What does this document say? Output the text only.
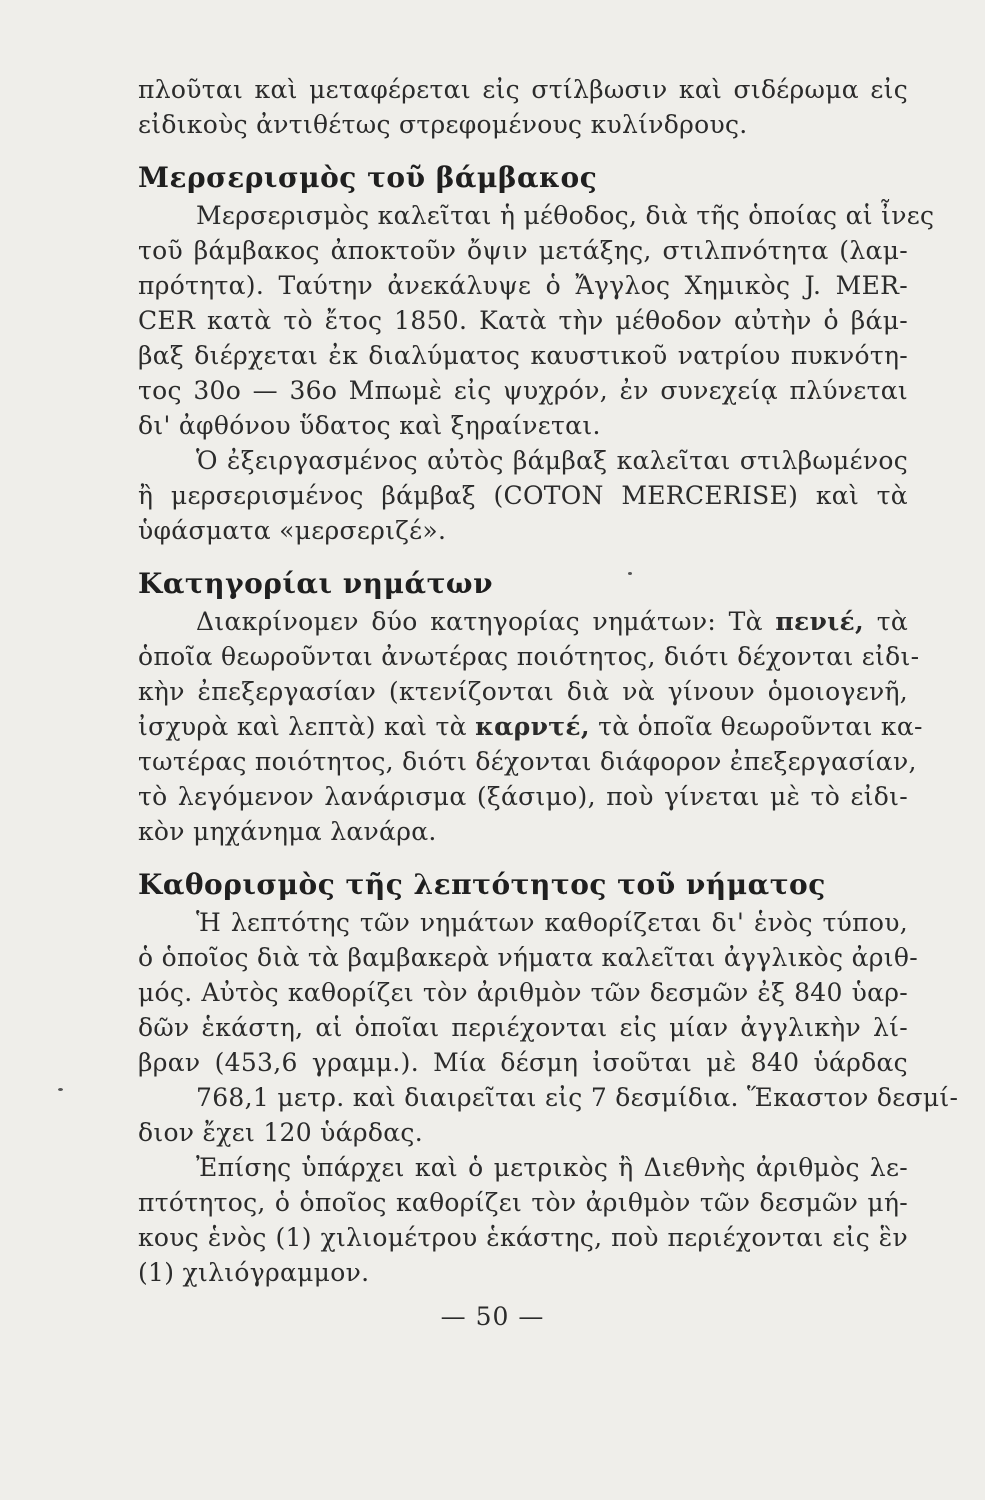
πλοῦται καὶ μεταφέρεται εἰς στίλβωσιν καὶ σιδέρωμα εἰς
εἰδικοὺς ἀντιθέτως στρεφομένους κυλίνδρους.
Μερσερισμὸς τοῦ βάμβακος
Μερσερισμὸς καλεῖται ἡ μέθοδος, διὰ τῆς ὁποίας αἱ ἶνες
τοῦ βάμβακος ἀποκτοῦν ὄψιν μετάξης, στιλπνότητα (λαμ-
πρότητα). Ταύτην ἀνεκάλυψε ὁ Ἄγγλος Χημικὸς J. MER-
CER κατὰ τὸ ἔτος 1850. Κατὰ τὴν μέθοδον αὐτὴν ὁ βάμ-
βαξ διέρχεται ἐκ διαλύματος καυστικοῦ νατρίου πυκνότη-
τος 30ο — 36ο Μπωμὲ εἰς ψυχρόν, ἐν συνεχείᾳ πλύνεται
δι' ἀφθόνου ὕδατος καὶ ξηραίνεται.
Ὁ ἐξειργασμένος αὐτὸς βάμβαξ καλεῖται στιλβωμένος
ἢ μερσερισμένος βάμβαξ (COTON MERCERISE) καὶ τὰ
ὑφάσματα «μερσεριζέ».
Κατηγορίαι νημάτων
Διακρίνομεν δύο κατηγορίας νημάτων: Τὰ πενιέ, τὰ
ὁποῖα θεωροῦνται ἀνωτέρας ποιότητος, διότι δέχονται εἰδι-
κὴν ἐπεξεργασίαν (κτενίζονται διὰ νὰ γίνουν ὁμοιογενῆ,
ἰσχυρὰ καὶ λεπτὰ) καὶ τὰ καρντέ, τὰ ὁποῖα θεωροῦνται κα-
τωτέρας ποιότητος, διότι δέχονται διάφορον ἐπεξεργασίαν,
τὸ λεγόμενον λανάρισμα (ξάσιμο), ποὺ γίνεται μὲ τὸ εἰδι-
κὸν μηχάνημα λανάρα.
Καθορισμὸς τῆς λεπτότητος τοῦ νήματος
Ἡ λεπτότης τῶν νημάτων καθορίζεται δι' ἑνὸς τύπου,
ὁ ὁποῖος διὰ τὰ βαμβακερὰ νήματα καλεῖται ἀγγλικὸς ἀριθ-
μός. Αὐτὸς καθορίζει τὸν ἀριθμὸν τῶν δεσμῶν ἐξ 840 ὑαρ-
δῶν ἑκάστη, αἱ ὁποῖαι περιέχονται εἰς μίαν ἀγγλικὴν λί-
βραν (453,6 γραμμ.). Μία δέσμη ἰσοῦται μὲ 840 ὑάρδας
768,1 μετρ. καὶ διαιρεῖται εἰς 7 δεσμίδια. Ἕκαστον δεσμί-
διον ἔχει 120 ὑάρδας.
Ἐπίσης ὑπάρχει καὶ ὁ μετρικὸς ἢ Διεθνὴς ἀριθμὸς λε-
πτότητος, ὁ ὁποῖος καθορίζει τὸν ἀριθμὸν τῶν δεσμῶν μή-
κους ἑνὸς (1) χιλιομέτρου ἑκάστης, ποὺ περιέχονται εἰς ἓν
(1) χιλιόγραμμον.
— 50 —
